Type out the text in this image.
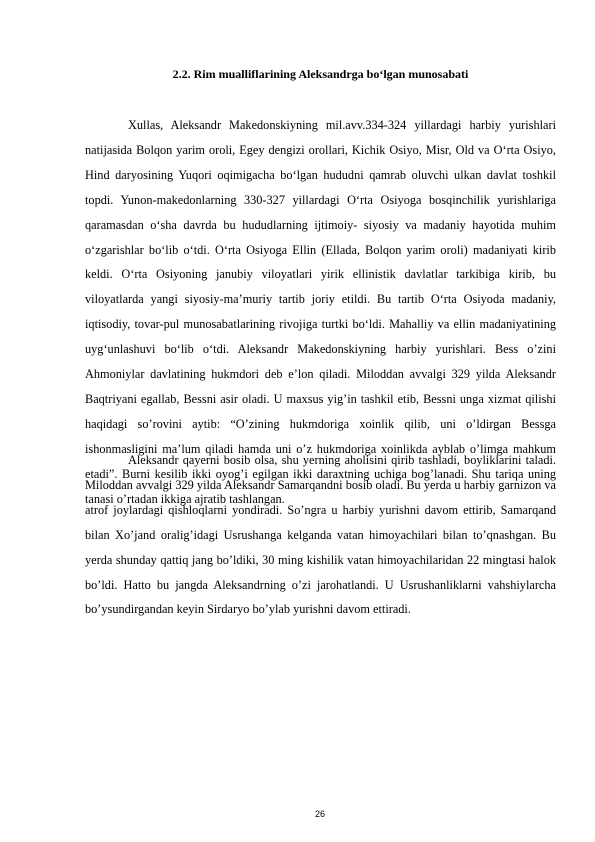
2.2. Rim mualliflarining Aleksandrga bo‘lgan munosabati

Xullas, Aleksandr Makedonskiyning mil.avv.334-324 yillardagi harbiy yurishlari natijasida Bolqon yarim oroli, Egey dengizi orollari, Kichik Osiyo, Misr, Old va O‘rta Osiyo, Hind daryosining Yuqori oqimigacha bo‘lgan hududni qamrab oluvchi ulkan davlat toshkil topdi. Yunon-makedonlarning 330-327 yillardagi O‘rta Osiyoga bosqinchilik yurishlariga qaramasdan o‘sha davrda bu hududlarning ijtimoiy- siyosiy va madaniy hayotida muhim o‘zgarishlar bo‘lib o‘tdi. O‘rta Osiyoga Ellin (Ellada, Bolqon yarim oroli) madaniyati kirib keldi. O‘rta Osiyoning janubiy viloyatlari yirik ellinistik davlatlar tarkibiga kirib, bu viloyatlarda yangi siyosiy-ma’muriy tartib joriy etildi. Bu tartib O‘rta Osiyoda madaniy, iqtisodiy, tovar-pul munosabatlarining rivojiga turtki bo‘ldi. Mahalliy va ellin madaniyatining uyg‘unlashuvi bo‘lib o‘tdi. Aleksandr Makedonskiyning harbiy yurishlari. Bess o’zini Ahmoniylar davlatining hukmdori deb e’lon qiladi. Miloddan avvalgi 329 yilda Aleksandr Baqtriyani egallab, Bessni asir oladi. U maxsus yig’in tashkil etib, Bessni unga xizmat qilishi haqidagi so’rovini aytib: “O’zining hukmdoriga xoinlik qilib, uni o’ldirgan Bessga ishonmasligini ma’lum qiladi hamda uni o’z hukmdoriga xoinlikda ayblab o’limga mahkum etadi”. Burni kesilib ikki oyog’i egilgan ikki daraxtning uchiga bog’lanadi. Shu tariqa uning tanasi o’rtadan ikkiga ajratib tashlangan.

Aleksandr qayerni bosib olsa, shu yerning aholisini qirib tashladi, boyliklarini taladi. Miloddan avvalgi 329 yilda Aleksandr Samarqandni bosib oladi. Bu yerda u harbiy garnizon va atrof joylardagi qishloqlarni yondiradi. So’ngra u harbiy yurishni davom ettirib, Samarqand bilan Xo’jand oralig’idagi Usrushanga kelganda vatan himoyachilari bilan to’qnashgan. Bu yerda shunday qattiq jang bo’ldiki, 30 ming kishilik vatan himoyachilaridan 22 mingtasi halok bo’ldi. Hatto bu jangda Aleksandrning o’zi jarohatlandi. U Usrushanliklarni vahshiylarcha bo’ysundirgandan keyin Sirdaryo bo’ylab yurishni davom ettiradi.

26
